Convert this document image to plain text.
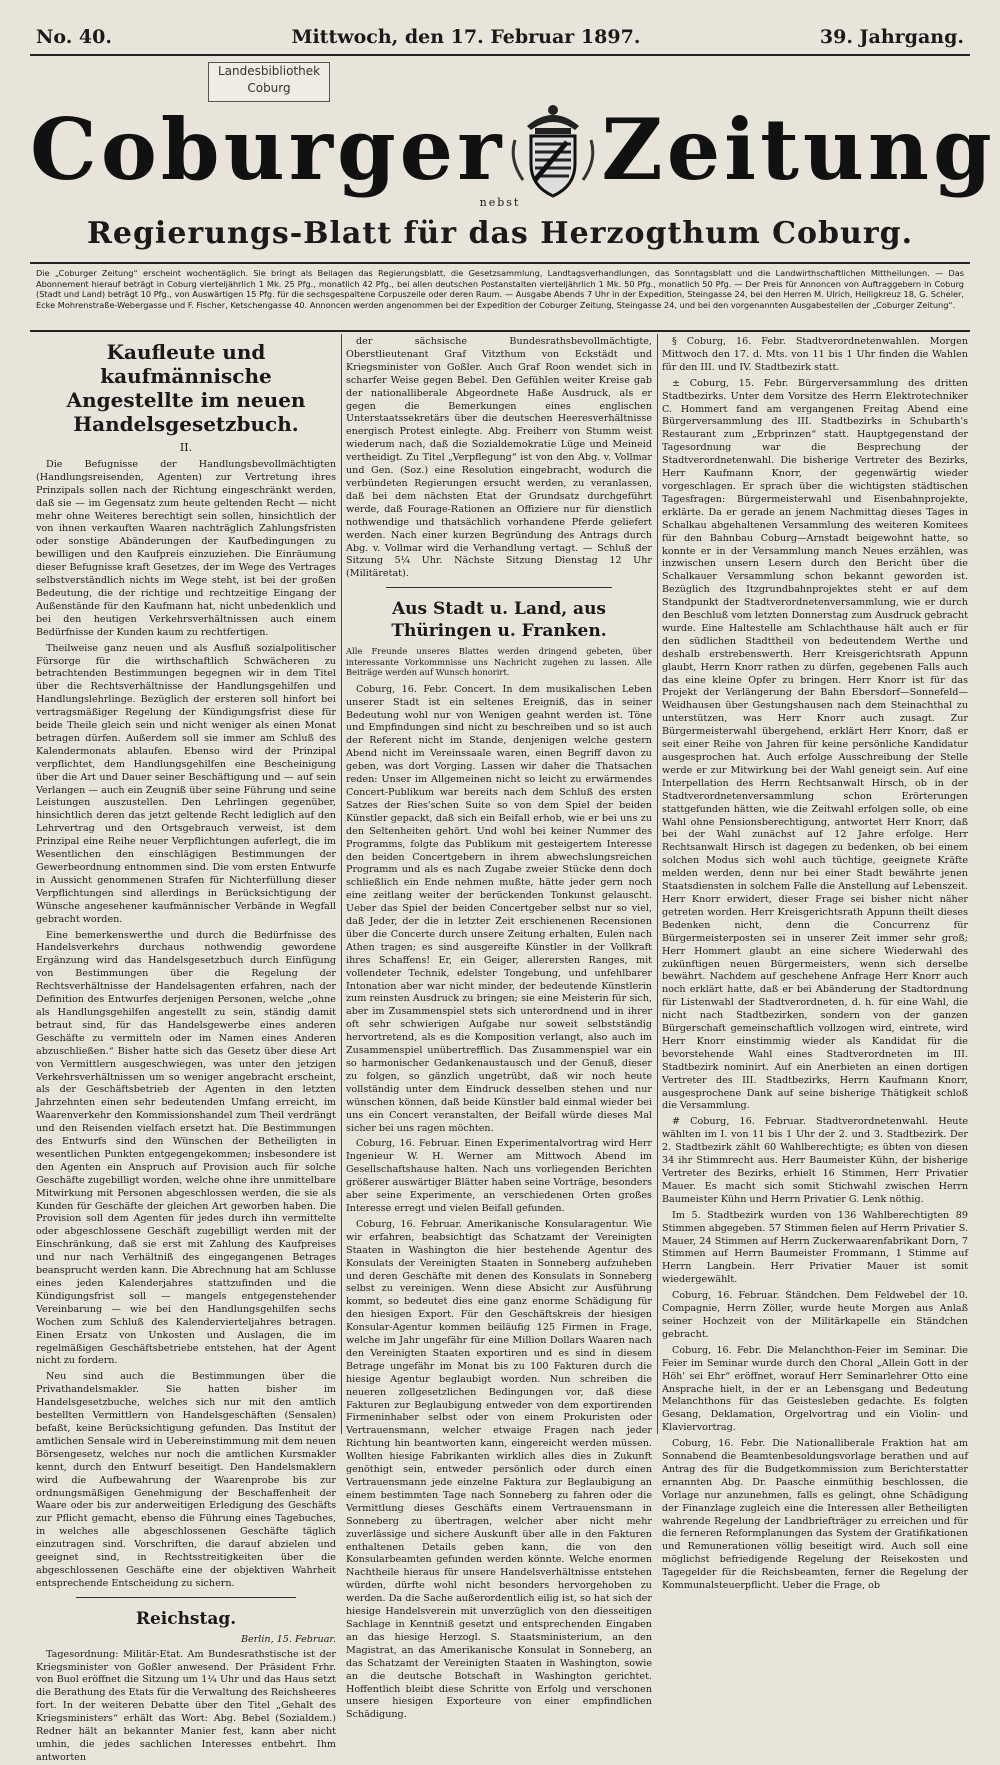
No. 40.	Mittwoch, den 17. Februar 1897.	39. Jahrgang.
Landesbibliothek
Coburg
Coburger Zeitung
nebst
Regierungs-Blatt für das Herzogthum Coburg.
Die „Coburger Zeitung“ erscheint wochentäglich. Sie bringt als Beilagen das Regierungsblatt, die Gesetzsammlung, Landtagsverhandlungen, das Sonntagsblatt und die Landwirthschaftlichen Mittheilungen. — Das Abonnement hierauf beträgt in Coburg vierteljährlich 1 Mk. 25 Pfg., monatlich 42 Pfg., bei allen deutschen Postanstalten vierteljährlich 1 Mk. 50 Pfg., monatlich 50 Pfg. — Der Preis für Annoncen von Auftraggebern in Coburg (Stadt und Land) beträgt 10 Pfg., von Auswärtigen 15 Pfg. für die sechsgespaltene Corpuszeile oder deren Raum. — Ausgabe Abends 7 Uhr in der Expedition, Steingasse 24, bei den Herren M. Ulrich, Heiligkreuz 18, G. Scheler, Ecke Mohrenstraße-Webergasse und F. Fischer, Ketschengasse 40. Annoncen werden angenommen bei der Expedition der Coburger Zeitung, Steingasse 24, und bei den vorgenannten Ausgabestellen der „Coburger Zeitung“.
Kaufleute und kaufmännische Angestellte im neuen Handelsgesetzbuch.
II.

Die Befugnisse der Handlungsbevollmächtigten (Handlungsreisenden, Agenten) zur Vertretung ihres Prinzipals sollen nach der Richtung eingeschränkt werden, daß sie — im Gegensatz zum heute geltenden Recht — nicht mehr ohne Weiteres berechtigt sein sollen, hinsichtlich der von ihnen verkauften Waaren nachträglich Zahlungsfristen oder sonstige Abänderungen der Kaufbedingungen zu bewilligen und den Kaufpreis einzuziehen. Die Einräumung dieser Befugnisse kraft Gesetzes, der im Wege des Vertrages selbstverständlich nichts im Wege steht, ist bei der großen Bedeutung, die der richtige und rechtzeitige Eingang der Außenstände für den Kaufmann hat, nicht unbedenklich und bei den heutigen Verkehrsverhältnissen auch einem Bedürfnisse der Kunden kaum zu rechtfertigen.

Theilweise ganz neuen und als Ausfluß sozialpolitischer Fürsorge für die wirthschaftlich Schwächeren zu betrachtenden Bestimmungen begegnen wir in dem Titel über die Rechtsverhältnisse der Handlungsgehilfen und Handlungslehrlinge. Bezüglich der ersteren soll hinfort bei vertragsmäßiger Regelung der Kündigungsfrist diese für beide Theile gleich sein und nicht weniger als einen Monat betragen dürfen. Außerdem soll sie immer am Schluß des Kalendermonats ablaufen. Ebenso wird der Prinzipal verpflichtet, dem Handlungsgehilfen eine Bescheinigung über die Art und Dauer seiner Beschäftigung und — auf sein Verlangen — auch ein Zeugniß über seine Führung und seine Leistungen auszustellen. Den Lehrlingen gegenüber, hinsichtlich deren das jetzt geltende Recht lediglich auf den Lehrvertrag und den Ortsgebrauch verweist, ist dem Prinzipal eine Reihe neuer Verpflichtungen auferlegt, die im Wesentlichen den einschlägigen Bestimmungen der Gewerbeordnung entnommen sind. Die vom ersten Entwurfe in Aussicht genommenen Strafen für Nichterfüllung dieser Verpflichtungen sind allerdings in Berücksichtigung der Wünsche angesehener kaufmännischer Verbände in Wegfall gebracht worden.

Eine bemerkenswerthe und durch die Bedürfnisse des Handelsverkehrs durchaus nothwendig gewordene Ergänzung wird das Handelsgesetzbuch durch Einfügung von Bestimmungen über die Regelung der Rechtsverhältnisse der Handelsagenten erfahren, nach der Definition des Entwurfes derjenigen Personen, welche „ohne als Handlungsgehilfen angestellt zu sein, ständig damit betraut sind, für das Handelsgewerbe eines anderen Geschäfte zu vermitteln oder im Namen eines Anderen abzuschließen.“ Bisher hatte sich das Gesetz über diese Art von Vermittlern ausgeschwiegen, was unter den jetzigen Verkehrsverhältnissen um so weniger angebracht erscheint, als der Geschäftsbetrieb der Agenten in den letzten Jahrzehnten einen sehr bedeutenden Umfang erreicht, im Waarenverkehr den Kommissionshandel zum Theil verdrängt und den Reisenden vielfach ersetzt hat. Die Bestimmungen des Entwurfs sind den Wünschen der Betheiligten in wesentlichen Punkten entgegengekommen; insbesondere ist den Agenten ein Anspruch auf Provision auch für solche Geschäfte zugebilligt worden, welche ohne ihre unmittelbare Mitwirkung mit Personen abgeschlossen werden, die sie als Kunden für Geschäfte der gleichen Art geworben haben. Die Provision soll dem Agenten für jedes durch ihn vermittelte oder abgeschlossene Geschäft zugebilligt werden mit der Einschränkung, daß sie erst mit Zahlung des Kaufpreises und nur nach Verhältniß des eingegangenen Betrages beansprucht werden kann. Die Abrechnung hat am Schlusse eines jeden Kalenderjahres stattzufinden und die Kündigungsfrist soll — mangels entgegenstehender Vereinbarung — wie bei den Handlungsgehilfen sechs Wochen zum Schluß des Kalendervierteljahres betragen. Einen Ersatz von Unkosten und Auslagen, die im regelmäßigen Geschäftsbetriebe entstehen, hat der Agent nicht zu fordern.

Neu sind auch die Bestimmungen über die Privathandelsmakler. Sie hatten bisher im Handelsgesetzbuche, welches sich nur mit den amtlich bestellten Vermittlern von Handelsgeschäften (Sensalen) befaßt, keine Berücksichtigung gefunden. Das Institut der amtlichen Sensale wird in Uebereinstimmung mit dem neuen Börsengesetz, welches nur noch die amtlichen Kursmakler kennt, durch den Entwurf beseitigt. Den Handelsmaklern wird die Aufbewahrung der Waarenprobe bis zur ordnungsmäßigen Genehmigung der Beschaffenheit der Waare oder bis zur anderweitigen Erledigung des Geschäfts zur Pflicht gemacht, ebenso die Führung eines Tagebuches, in welches alle abgeschlossenen Geschäfte täglich einzutragen sind. Vorschriften, die darauf abzielen und geeignet sind, in Rechtsstreitigkeiten über die abgeschlossenen Geschäfte eine der objektiven Wahrheit entsprechende Entscheidung zu sichern.

Reichstag.
Berlin, 15. Februar.

Tagesordnung: Militär-Etat. Am Bundesrathstische ist der Kriegsminister von Goßler anwesend. Der Präsident Frhr. von Buol eröffnet die Sitzung um 1¼ Uhr und das Haus setzt die Berathung des Etats für die Verwaltung des Reichsheeres fort. In der weiteren Debatte über den Titel „Gehalt des Kriegsministers“ erhält das Wort: Abg. Bebel (Sozialdem.) Redner hält an bekannter Manier fest, kann aber nicht umhin, die jedes sachlichen Interesses entbehrt. Ihm antworten

der sächsische Bundesrathsbevollmächtigte, Oberstlieutenant Graf Vitzthum von Eckstädt und Kriegsminister von Goßler. Auch Graf Roon wendet sich in scharfer Weise gegen Bebel. Den Gefühlen weiter Kreise gab der nationalliberale Abgeordnete Haße Ausdruck, als er gegen die Bemerkungen eines englischen Unterstaatssekretärs über die deutschen Heeresverhältnisse energisch Protest einlegte. Abg. Freiherr von Stumm weist wiederum nach, daß die Sozialdemokratie Lüge und Meineid vertheidigt. Zu Titel „Verpflegung“ ist von den Abg. v. Vollmar und Gen. (Soz.) eine Resolution eingebracht, wodurch die verbündeten Regierungen ersucht werden, zu veranlassen, daß bei dem nächsten Etat der Grundsatz durchgeführt werde, daß Fourage-Rationen an Offiziere nur für dienstlich nothwendige und thatsächlich vorhandene Pferde geliefert werden. Nach einer kurzen Begründung des Antrags durch Abg. v. Vollmar wird die Verhandlung vertagt. — Schluß der Sitzung 5¼ Uhr. Nächste Sitzung Dienstag 12 Uhr (Militäretat).

Aus Stadt u. Land, aus Thüringen u. Franken.
Alle Freunde unseres Blattes werden dringend gebeten, über interessante Vorkommnisse uns Nachricht zugehen zu lassen. Alle Beiträge werden auf Wunsch honorirt.

Coburg, 16. Febr. Concert. In dem musikalischen Leben unserer Stadt ist ein seltenes Ereigniß, das in seiner Bedeutung wohl nur von Wenigen geahnt werden ist. Töne und Empfindungen sind nicht zu beschreiben und so ist auch der Referent nicht im Stande, denjenigen welche gestern Abend nicht im Vereinssaale waren, einen Begriff davon zu geben, was dort Vorging. Lassen wir daher die Thatsachen reden: Unser im Allgemeinen nicht so leicht zu erwärmendes Concert-Publikum war bereits nach dem Schluß des ersten Satzes der Ries'schen Suite so von dem Spiel der beiden Künstler gepackt, daß sich ein Beifall erhob, wie er bei uns zu den Seltenheiten gehört. Und wohl bei keiner Nummer des Programms, folgte das Publikum mit gesteigertem Interesse den beiden Concertgebern in ihrem abwechslungsreichen Programm und als es nach Zugabe zweier Stücke denn doch schließlich ein Ende nehmen mußte, hätte jeder gern noch eine zeitlang weiter der berückenden Tonkunst gelauscht. Ueber das Spiel der beiden Concertgeber selbst nur so viel, daß Jeder, der die in letzter Zeit erschienenen Recensionen über die Concerte durch unsere Zeitung erhalten, Eulen nach Athen tragen; es sind ausgereifte Künstler in der Vollkraft ihres Schaffens! Er, ein Geiger, allerersten Ranges, mit vollendeter Technik, edelster Tongebung, und unfehlbarer Intonation aber war nicht minder, der bedeutende Künstlerin zum reinsten Ausdruck zu bringen; sie eine Meisterin für sich, aber im Zusammenspiel stets sich unterordnend und in ihrer oft sehr schwierigen Aufgabe nur soweit selbstständig hervortretend, als es die Komposition verlangt, also auch im Zusammenspiel unübertrefflich. Das Zusammenspiel war ein so harmonischer Gedankenaustausch und der Genuß, dieser zu folgen, so gänzlich ungetrübt, daß wir noch heute vollständig unter dem Eindruck desselben stehen und nur wünschen können, daß beide Künstler bald einmal wieder bei uns ein Concert veranstalten, der Beifall würde dieses Mal sicher bei uns ragen möchten.

Coburg, 16. Februar. Einen Experimentalvortrag wird Herr Ingenieur W. H. Werner am Mittwoch Abend im Gesellschaftshause halten. Nach uns vorliegenden Berichten größerer auswärtiger Blätter haben seine Vorträge, besonders aber seine Experimente, an verschiedenen Orten großes Interesse erregt und vielen Beifall gefunden.

Coburg, 16. Februar. Amerikanische Konsularagentur. Wie wir erfahren, beabsichtigt das Schatzamt der Vereinigten Staaten in Washington die hier bestehende Agentur des Konsulats der Vereinigten Staaten in Sonneberg aufzuheben und deren Geschäfte mit denen des Konsulats in Sonneberg selbst zu vereinigen. Wenn diese Absicht zur Ausführung kommt, so bedeutet dies eine ganz enorme Schädigung für den hiesigen Export. Für den Geschäftskreis der hiesigen Konsular-Agentur kommen beiläufig 125 Firmen in Frage, welche im Jahr ungefähr für eine Million Dollars Waaren nach den Vereinigten Staaten exportiren und es sind in diesem Betrage ungefähr im Monat bis zu 100 Fakturen durch die hiesige Agentur beglaubigt worden. Nun schreiben die neueren zollgesetzlichen Bedingungen vor, daß diese Fakturen zur Beglaubigung entweder von dem exportirenden Firmeninhaber selbst oder von einem Prokuristen oder Vertrauensmann, welcher etwaige Fragen nach jeder Richtung hin beantworten kann, eingereicht werden müssen. Wollten hiesige Fabrikanten wirklich alles dies in Zukunft genöthigt sein, entweder persönlich oder durch einen Vertrauensmann jede einzelne Faktura zur Beglaubigung an einem bestimmten Tage nach Sonneberg zu fahren oder die Vermittlung dieses Geschäfts einem Vertrauensmann in Sonneberg zu übertragen, welcher aber nicht mehr zuverlässige und sichere Auskunft über alle in den Fakturen enthaltenen Details geben kann, die von den Konsularbeamten gefunden werden könnte. Welche enormen Nachtheile hieraus für unsere Handelsverhältnisse entstehen würden, dürfte wohl nicht besonders hervorgehoben zu werden. Da die Sache außerordentlich eilig ist, so hat sich der hiesige Handelsverein mit unverzüglich von den diesseitigen Sachlage in Kenntniß gesetzt und entsprechenden Eingaben an das hiesige Herzogl. S. Staatsministerium, an den Magistrat, an das Amerikanische Konsulat in Sonneberg, an das Schatzamt der Vereinigten Staaten in Washington, sowie an die deutsche Botschaft in Washington gerichtet. Hoffentlich bleibt diese Schritte von Erfolg und verschonen unsere hiesigen Exporteure von einer empfindlichen Schädigung.

§ Coburg, 16. Febr. Stadtverordnetenwahlen. Morgen Mittwoch den 17. d. Mts. von 11 bis 1 Uhr finden die Wahlen für den III. und IV. Stadtbezirk statt.

± Coburg, 15. Febr. Bürgerversammlung des dritten Stadtbezirks. Unter dem Vorsitze des Herrn Elektrotechniker C. Hommert fand am vergangenen Freitag Abend eine Bürgerversammlung des III. Stadtbezirks in Schubarth's Restaurant zum „Erbprinzen“ statt. Hauptgegenstand der Tagesordnung war die Besprechung der Stadtverordnetenwahl. Die bisherige Vertreter des Bezirks, Herr Kaufmann Knorr, der gegenwärtig wieder vorgeschlagen. Er sprach über die wichtigsten städtischen Tagesfragen: Bürgermeisterwahl und Eisenbahnprojekte, erklärte. Da er gerade an jenem Nachmittag dieses Tages in Schalkau abgehaltenen Versammlung des weiteren Komitees für den Bahnbau Coburg—Arnstadt beigewohnt hatte, so konnte er in der Versammlung manch Neues erzählen, was inzwischen unsern Lesern durch den Bericht über die Schalkauer Versammlung schon bekannt geworden ist. Bezüglich des Itzgrundbahnprojektes steht er auf dem Standpunkt der Stadtverordnetenversammlung, wie er durch den Beschluß vom letzten Donnerstag zum Ausdruck gebracht wurde. Eine Haltestelle am Schlachthause hält auch er für den südlichen Stadttheil von bedeutendem Werthe und deshalb erstrebenswerth. Herr Kreisgerichtsrath Appunn glaubt, Herrn Knorr rathen zu dürfen, gegebenen Falls auch das eine kleine Opfer zu bringen. Herr Knorr ist für das Projekt der Verlängerung der Bahn Ebersdorf—Sonnefeld—Weidhausen über Gestungshausen nach dem Steinachthal zu unterstützen, was Herr Knorr auch zusagt. Zur Bürgermeisterwahl übergehend, erklärt Herr Knorr, daß er seit einer Reihe von Jahren für keine persönliche Kandidatur ausgesprochen hat. Auch erfolge Ausschreibung der Stelle werde er zur Mitwirkung bei der Wahl geneigt sein. Auf eine Interpellation des Herrn Rechtsanwalt Hirsch, ob in der Stadtverordnetenversammlung schon Erörterungen stattgefunden hätten, wie die Zeitwahl erfolgen solle, ob eine Wahl ohne Pensionsberechtigung, antwortet Herr Knorr, daß bei der Wahl zunächst auf 12 Jahre erfolge. Herr Rechtsanwalt Hirsch ist dagegen zu bedenken, ob bei einem solchen Modus sich wohl auch tüchtige, geeignete Kräfte melden werden, denn nur bei einer Stadt bewährte jenen Staatsdiensten in solchem Falle die Anstellung auf Lebenszeit. Herr Knorr erwidert, dieser Frage sei bisher nicht näher getreten worden. Herr Kreisgerichtsrath Appunn theilt dieses Bedenken nicht, denn die Concurrenz für Bürgermeisterposten sei in unserer Zeit immer sehr groß; Herr Hommert glaubt an eine sichere Wiederwahl des zukünftigen neuen Bürgermeisters, wenn sich derselbe bewährt. Nachdem auf geschehene Anfrage Herr Knorr auch noch erklärt hatte, daß er bei Abänderung der Stadtordnung für Listenwahl der Stadtverordneten, d. h. für eine Wahl, die nicht nach Stadtbezirken, sondern von der ganzen Bürgerschaft gemeinschaftlich vollzogen wird, eintrete, wird Herr Knorr einstimmig wieder als Kandidat für die bevorstehende Wahl eines Stadtverordneten im III. Stadtbezirk nominirt. Auf ein Anerbieten an einen dortigen Vertreter des III. Stadtbezirks, Herrn Kaufmann Knorr, ausgesprochene Dank auf seine bisherige Thätigkeit schloß die Versammlung.

# Coburg, 16. Februar. Stadtverordnetenwahl. Heute wählten im I. von 11 bis 1 Uhr der 2. und 3. Stadtbezirk. Der 2. Stadtbezirk zählt 60 Wahlberechtigte; es übten von diesen 34 ihr Stimmrecht aus. Herr Baumeister Kühn, der bisherige Vertreter des Bezirks, erhielt 16 Stimmen, Herr Privatier Mauer. Es macht sich somit Stichwahl zwischen Herrn Baumeister Kühn und Herrn Privatier G. Lenk nöthig.

Im 5. Stadtbezirk wurden von 136 Wahlberechtigten 89 Stimmen abgegeben. 57 Stimmen fielen auf Herrn Privatier S. Mauer, 24 Stimmen auf Herrn Zuckerwaarenfabrikant Dorn, 7 Stimmen auf Herrn Baumeister Frommann, 1 Stimme auf Herrn Langbein. Herr Privatier Mauer ist somit wiedergewählt.

Coburg, 16. Februar. Ständchen. Dem Feldwebel der 10. Compagnie, Herrn Zöller, wurde heute Morgen aus Anlaß seiner Hochzeit von der Militärkapelle ein Ständchen gebracht.

Coburg, 16. Febr. Die Melanchthon-Feier im Seminar. Die Feier im Seminar wurde durch den Choral „Allein Gott in der Höh' sei Ehr“ eröffnet, worauf Herr Seminarlehrer Otto eine Ansprache hielt, in der er an Lebensgang und Bedeutung Melanchthons für das Geistesleben gedachte. Es folgten Gesang, Deklamation, Orgelvortrag und ein Violin- und Klaviervortrag.

Coburg, 16. Febr. Die Nationalliberale Fraktion hat am Sonnabend die Beamtenbesoldungsvorlage berathen und auf Antrag des für die Budgetkommission zum Berichterstatter ernannten Abg. Dr. Paasche einmüthig beschlossen, die Vorlage nur anzunehmen, falls es gelingt, ohne Schädigung der Finanzlage zugleich eine die Interessen aller Betheiligten wahrende Regelung der Landbriefträger zu erreichen und für die ferneren Reformplanungen das System der Gratifikationen und Remunerationen völlig beseitigt wird. Auch soll eine möglichst befriedigende Regelung der Reisekosten und Tagegelder für die Reichsbeamten, ferner die Regelung der Kommunalsteuerpflicht. Ueber die Frage, ob
